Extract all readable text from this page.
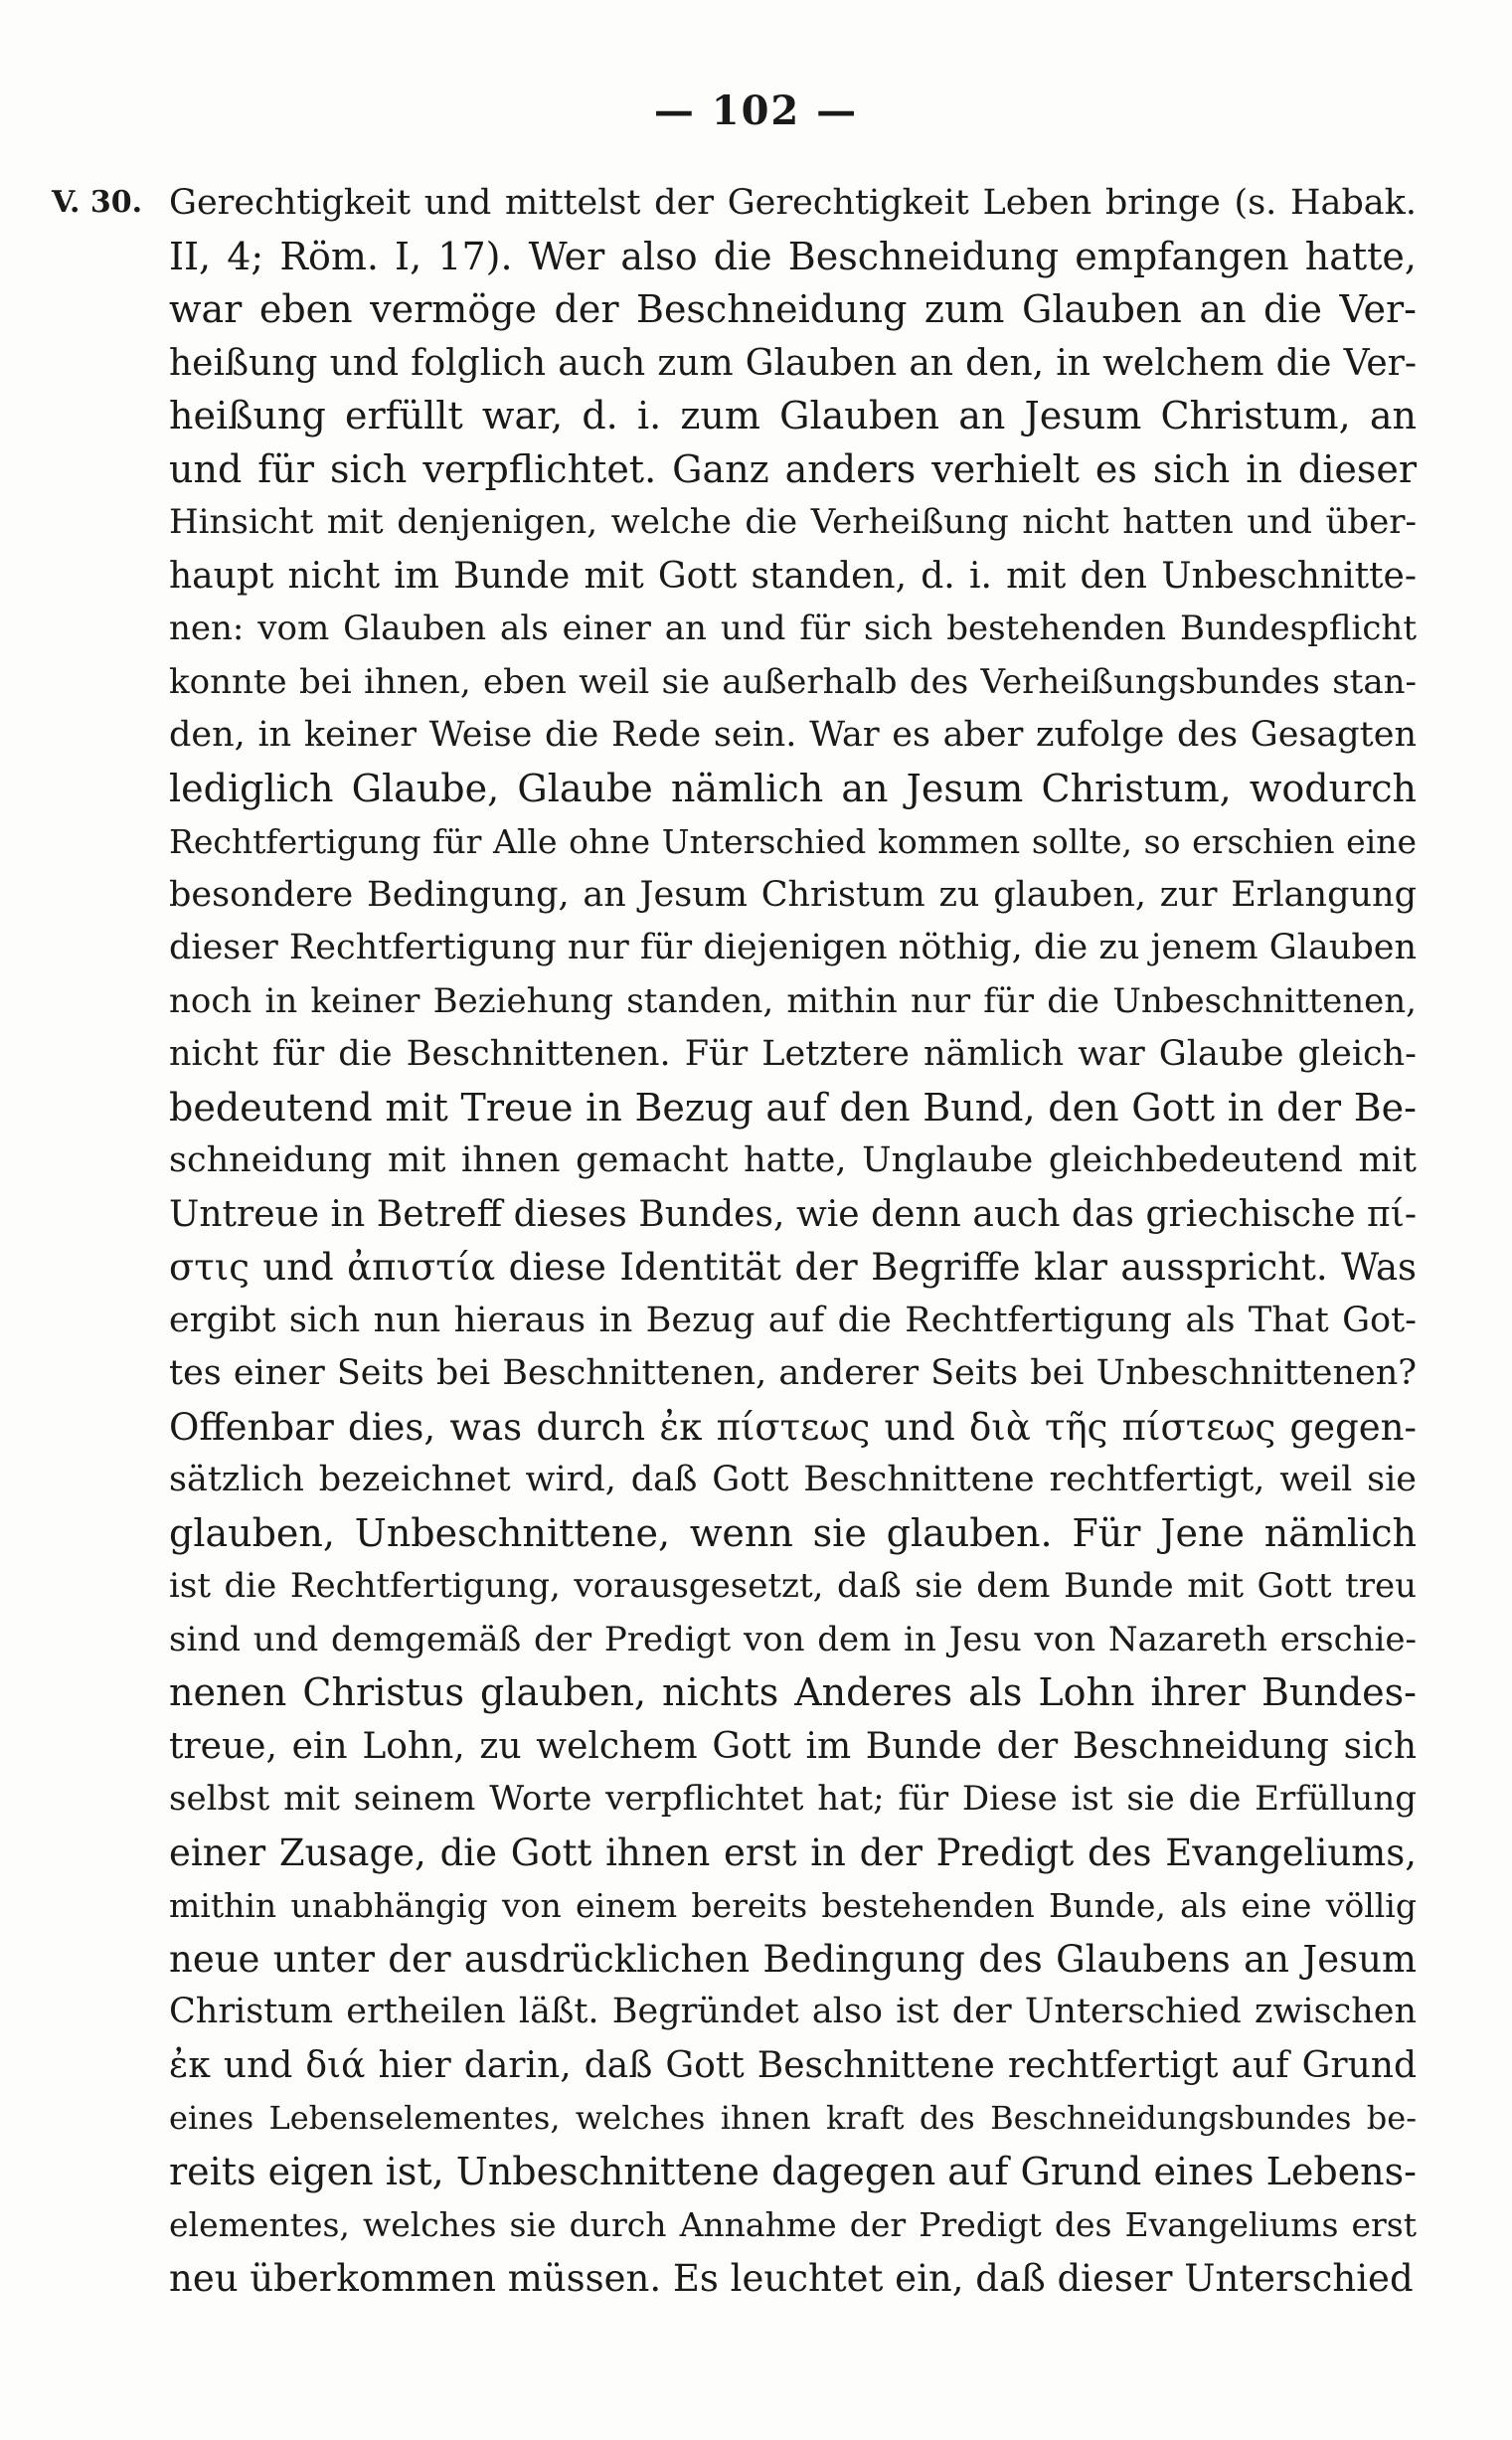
— 102 —
V. 30. Gerechtigkeit und mittelst der Gerechtigkeit Leben bringe (s. Habak.
II, 4; Röm. I, 17). Wer also die Beschneidung empfangen hatte,
war eben vermöge der Beschneidung zum Glauben an die Ver-
heißung und folglich auch zum Glauben an den, in welchem die Ver-
heißung erfüllt war, d. i. zum Glauben an Jesum Christum, an
und für sich verpflichtet. Ganz anders verhielt es sich in dieser
Hinsicht mit denjenigen, welche die Verheißung nicht hatten und über-
haupt nicht im Bunde mit Gott standen, d. i. mit den Unbeschnitte-
nen: vom Glauben als einer an und für sich bestehenden Bundespflicht
konnte bei ihnen, eben weil sie außerhalb des Verheißungsbundes stan-
den, in keiner Weise die Rede sein. War es aber zufolge des Gesagten
lediglich Glaube, Glaube nämlich an Jesum Christum, wodurch
Rechtfertigung für Alle ohne Unterschied kommen sollte, so erschien eine
besondere Bedingung, an Jesum Christum zu glauben, zur Erlangung
dieser Rechtfertigung nur für diejenigen nöthig, die zu jenem Glauben
noch in keiner Beziehung standen, mithin nur für die Unbeschnittenen,
nicht für die Beschnittenen. Für Letztere nämlich war Glaube gleich-
bedeutend mit Treue in Bezug auf den Bund, den Gott in der Be-
schneidung mit ihnen gemacht hatte, Unglaube gleichbedeutend mit
Untreue in Betreff dieses Bundes, wie denn auch das griechische πί-
στις und ἀπιστία diese Identität der Begriffe klar ausspricht. Was
ergibt sich nun hieraus in Bezug auf die Rechtfertigung als That Got-
tes einer Seits bei Beschnittenen, anderer Seits bei Unbeschnittenen?
Offenbar dies, was durch ἐκ πίστεως und διὰ τῆς πίστεως gegen-
sätzlich bezeichnet wird, daß Gott Beschnittene rechtfertigt, weil sie
glauben, Unbeschnittene, wenn sie glauben. Für Jene nämlich
ist die Rechtfertigung, vorausgesetzt, daß sie dem Bunde mit Gott treu
sind und demgemäß der Predigt von dem in Jesu von Nazareth erschie-
nenen Christus glauben, nichts Anderes als Lohn ihrer Bundes-
treue, ein Lohn, zu welchem Gott im Bunde der Beschneidung sich
selbst mit seinem Worte verpflichtet hat; für Diese ist sie die Erfüllung
einer Zusage, die Gott ihnen erst in der Predigt des Evangeliums,
mithin unabhängig von einem bereits bestehenden Bunde, als eine völlig
neue unter der ausdrücklichen Bedingung des Glaubens an Jesum
Christum ertheilen läßt. Begründet also ist der Unterschied zwischen
ἐκ und διά hier darin, daß Gott Beschnittene rechtfertigt auf Grund
eines Lebenselementes, welches ihnen kraft des Beschneidungsbundes be-
reits eigen ist, Unbeschnittene dagegen auf Grund eines Lebens-
elementes, welches sie durch Annahme der Predigt des Evangeliums erst
neu überkommen müssen. Es leuchtet ein, daß dieser Unterschied
